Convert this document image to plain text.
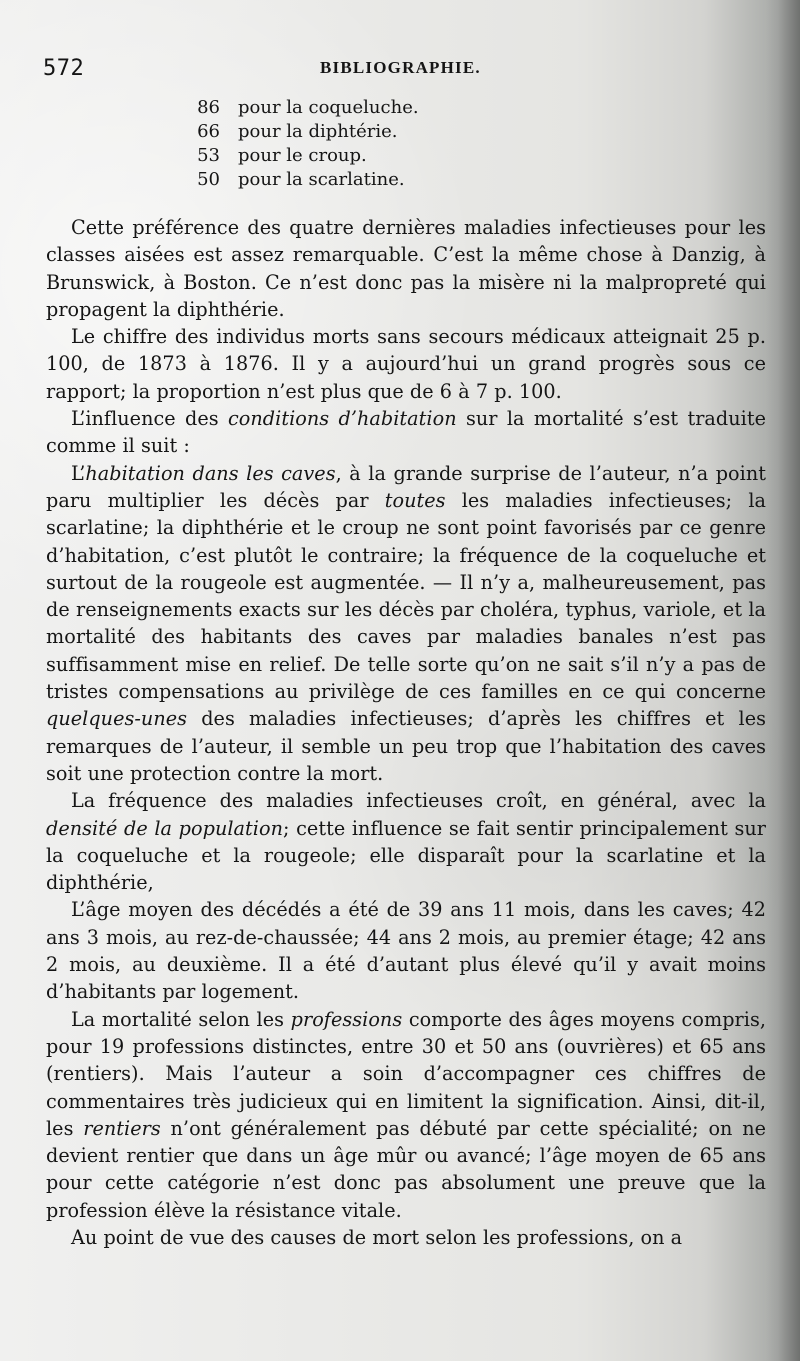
572	BIBLIOGRAPHIE.

86 pour la coqueluche.
66 pour la diphtérie.
53 pour le croup.
50 pour la scarlatine.

Cette préférence des quatre dernières maladies infectieuses pour les classes aisées est assez remarquable. C’est la même chose à Danzig, à Brunswick, à Boston. Ce n’est donc pas la misère ni la malpropreté qui propagent la diphthérie.

Le chiffre des individus morts sans secours médicaux atteignait 25 p. 100, de 1873 à 1876. Il y a aujourd’hui un grand progrès sous ce rapport; la proportion n’est plus que de 6 à 7 p. 100.

L’influence des conditions d’habitation sur la mortalité s’est traduite comme il suit :

L’habitation dans les caves, à la grande surprise de l’auteur, n’a point paru multiplier les décès par toutes les maladies infectieuses; la scarlatine; la diphthérie et le croup ne sont point favorisés par ce genre d’habitation, c’est plutôt le contraire; la fréquence de la coqueluche et surtout de la rougeole est augmentée. — Il n’y a, malheureusement, pas de renseignements exacts sur les décès par choléra, typhus, variole, et la mortalité des habitants des caves par maladies banales n’est pas suffisamment mise en relief. De telle sorte qu’on ne sait s’il n’y a pas de tristes compensations au privilège de ces familles en ce qui concerne quelques-unes des maladies infectieuses; d’après les chiffres et les remarques de l’auteur, il semble un peu trop que l’habitation des caves soit une protection contre la mort.

La fréquence des maladies infectieuses croît, en général, avec la densité de la population; cette influence se fait sentir principalement sur la coqueluche et la rougeole; elle disparaît pour la scarlatine et la diphthérie,

L’âge moyen des décédés a été de 39 ans 11 mois, dans les caves; 42 ans 3 mois, au rez-de-chaussée; 44 ans 2 mois, au premier étage; 42 ans 2 mois, au deuxième. Il a été d’autant plus élevé qu’il y avait moins d’habitants par logement.

La mortalité selon les professions comporte des âges moyens compris, pour 19 professions distinctes, entre 30 et 50 ans (ouvrières) et 65 ans (rentiers). Mais l’auteur a soin d’accompagner ces chiffres de commentaires très judicieux qui en limitent la signification. Ainsi, dit-il, les rentiers n’ont généralement pas débuté par cette spécialité; on ne devient rentier que dans un âge mûr ou avancé; l’âge moyen de 65 ans pour cette catégorie n’est donc pas absolument une preuve que la profession élève la résistance vitale.

Au point de vue des causes de mort selon les professions, on a
